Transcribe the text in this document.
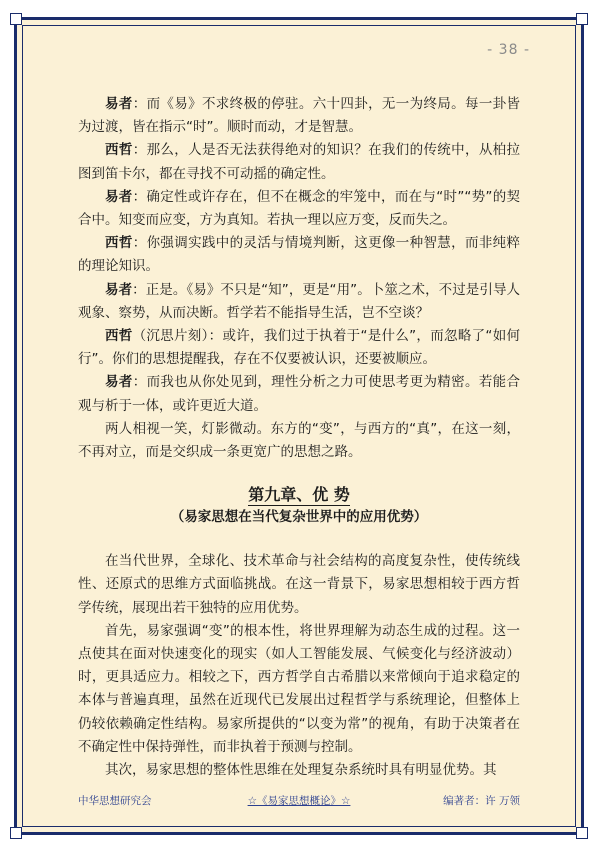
- 38 -

易者：而《易》不求终极的停驻。六十四卦，无一为终局。每一卦皆为过渡，皆在指示“时”。顺时而动，才是智慧。

西哲：那么，人是否无法获得绝对的知识？在我们的传统中，从柏拉图到笛卡尔，都在寻找不可动摇的确定性。

易者：确定性或许存在，但不在概念的牢笼中，而在与“时”“势”的契合中。知变而应变，方为真知。若执一理以应万变，反而失之。

西哲：你强调实践中的灵活与情境判断，这更像一种智慧，而非纯粹的理论知识。

易者：正是。《易》不只是“知”，更是“用”。卜筮之术，不过是引导人观象、察势，从而决断。哲学若不能指导生活，岂不空谈？

西哲（沉思片刻）：或许，我们过于执着于“是什么”，而忽略了“如何行”。你们的思想提醒我，存在不仅要被认识，还要被顺应。

易者：而我也从你处见到，理性分析之力可使思考更为精密。若能合观与析于一体，或许更近大道。

两人相视一笑，灯影微动。东方的“变”，与西方的“真”，在这一刻，不再对立，而是交织成一条更宽广的思想之路。

第九章、优 势
（易家思想在当代复杂世界中的应用优势）

在当代世界，全球化、技术革命与社会结构的高度复杂性，使传统线性、还原式的思维方式面临挑战。在这一背景下，易家思想相较于西方哲学传统，展现出若干独特的应用优势。

首先，易家强调“变”的根本性，将世界理解为动态生成的过程。这一点使其在面对快速变化的现实（如人工智能发展、气候变化与经济波动）时，更具适应力。相较之下，西方哲学自古希腊以来常倾向于追求稳定的本体与普遍真理，虽然在近现代已发展出过程哲学与系统理论，但整体上仍较依赖确定性结构。易家所提供的“以变为常”的视角，有助于决策者在不确定性中保持弹性，而非执着于预测与控制。

其次，易家思想的整体性思维在处理复杂系统时具有明显优势。其

中华思想研究会	☆《易家思想概论》☆	编著者：许 万领
